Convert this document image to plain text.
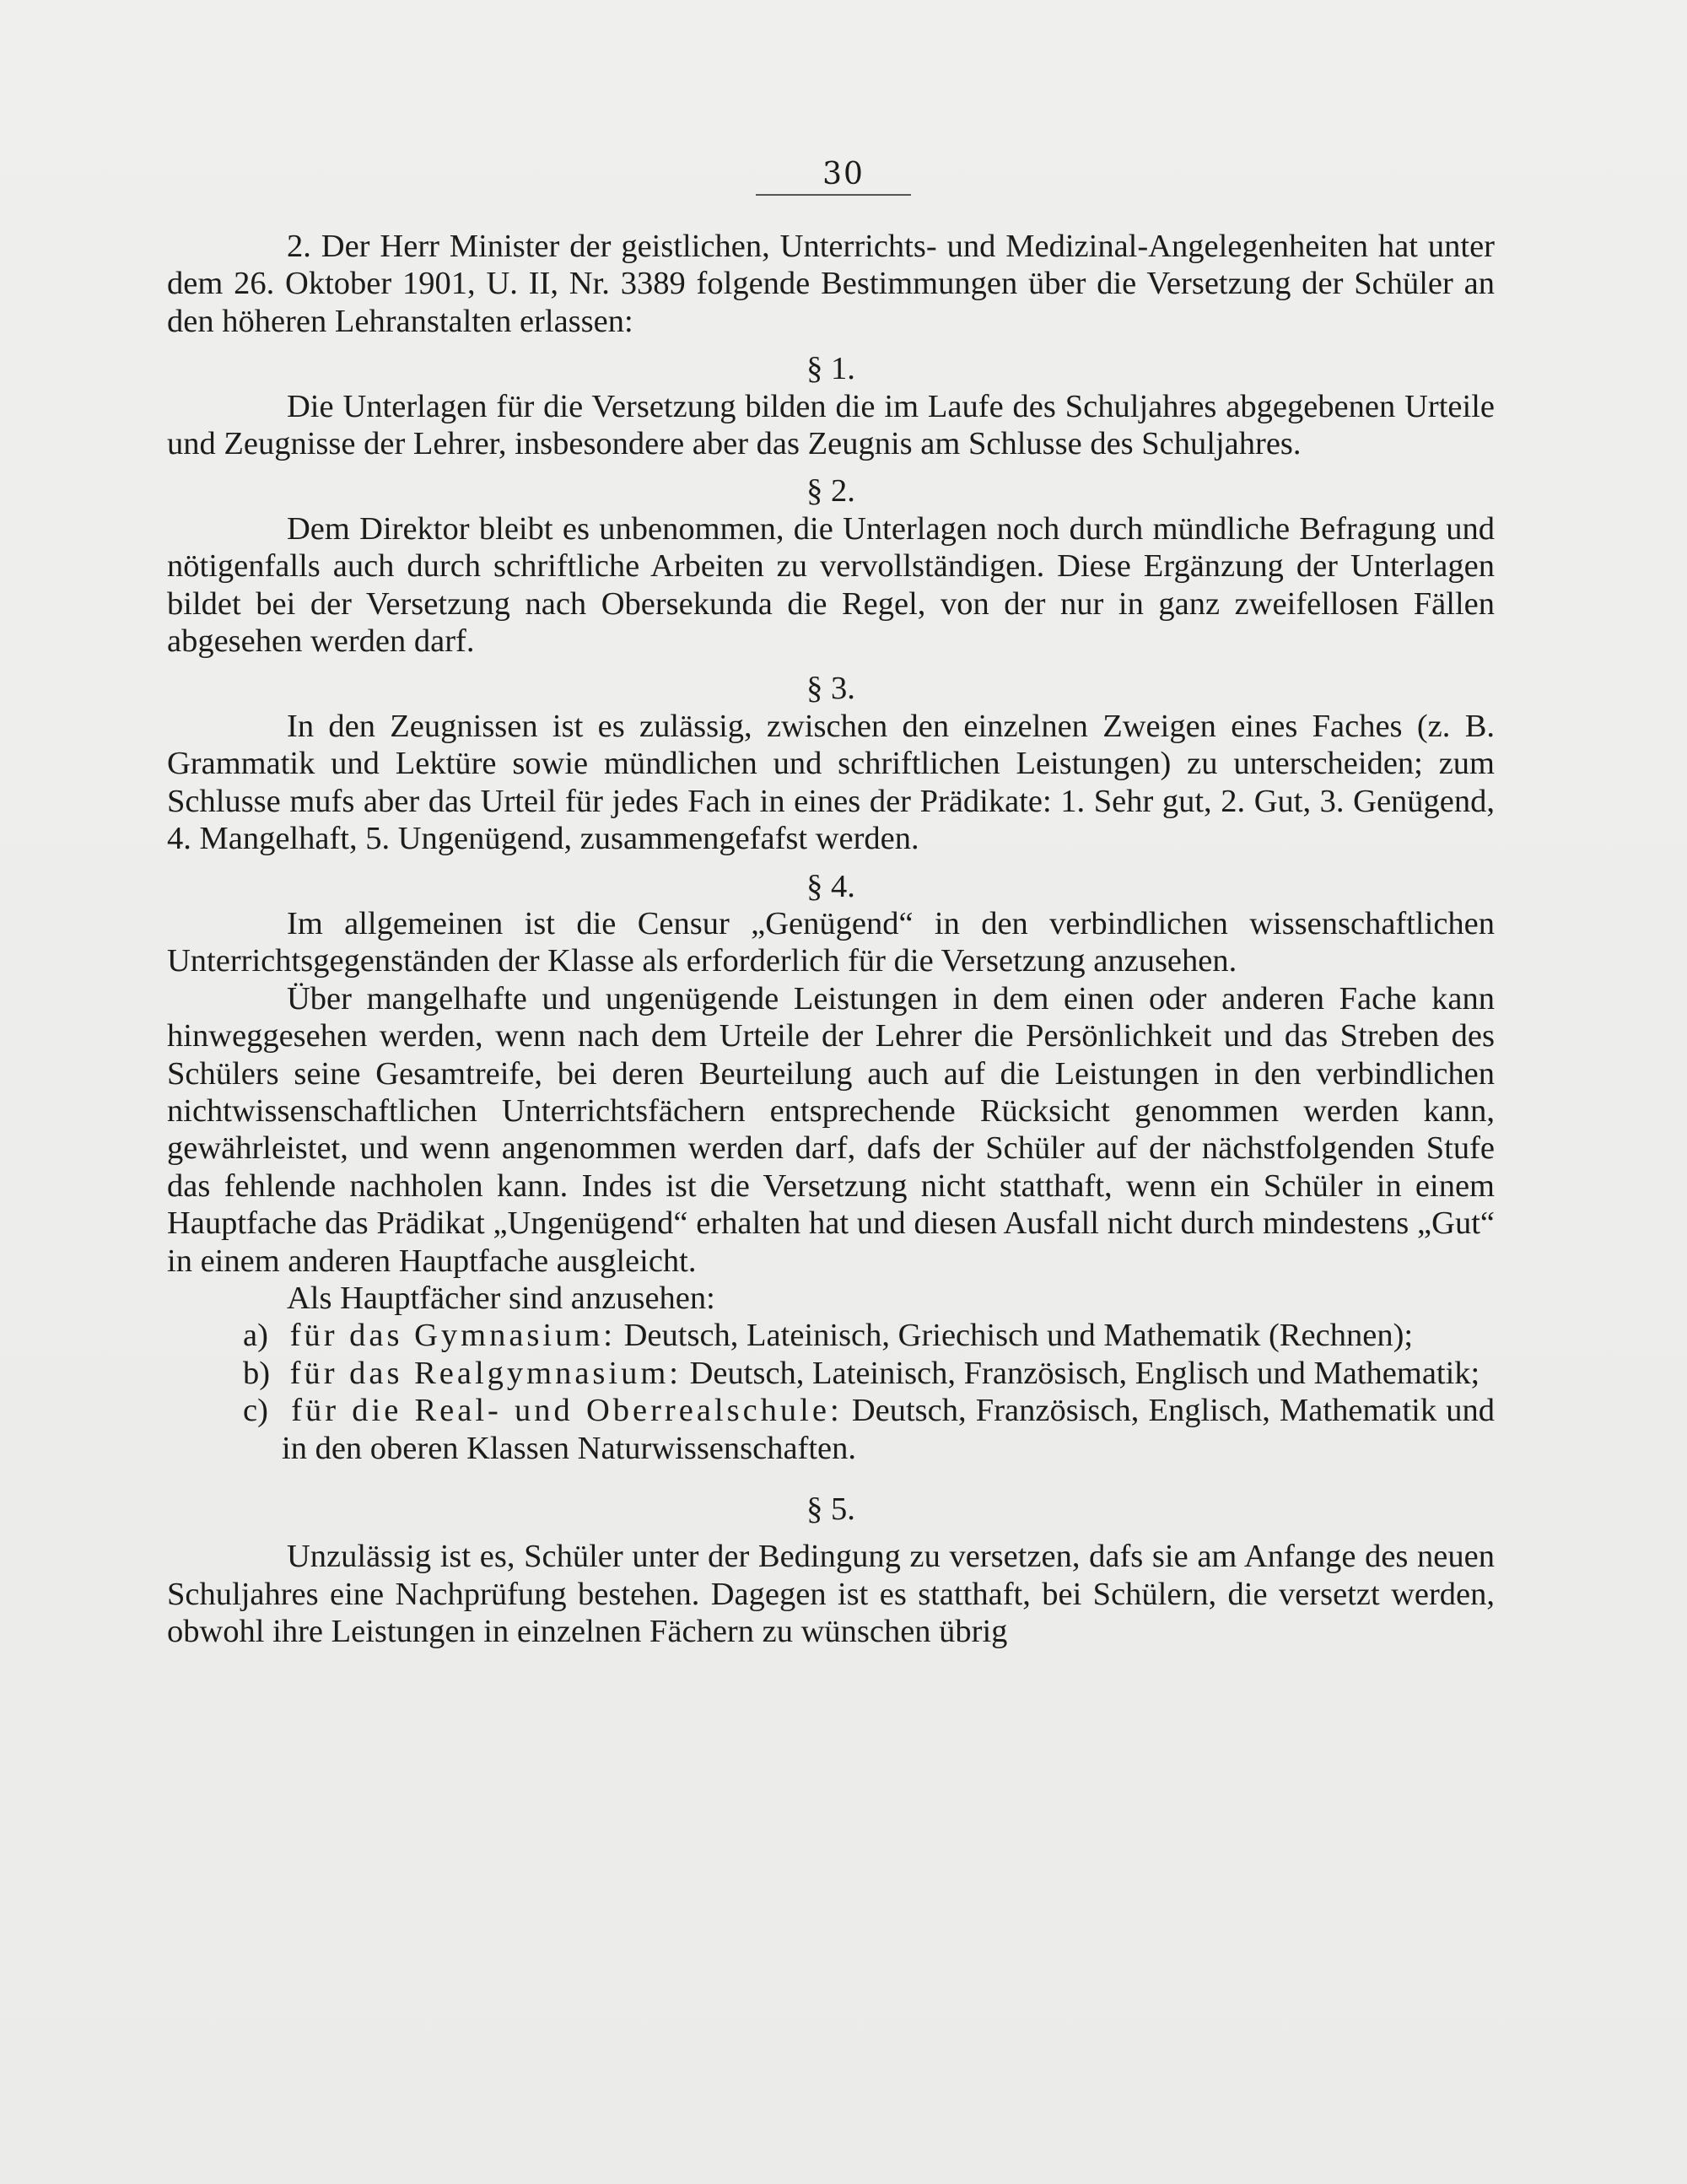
30

2. Der Herr Minister der geistlichen, Unterrichts- und Medizinal-Angelegenheiten hat unter dem 26. Oktober 1901, U. II, Nr. 3389 folgende Bestimmungen über die Versetzung der Schüler an den höheren Lehranstalten erlassen:

§ 1.

Die Unterlagen für die Versetzung bilden die im Laufe des Schuljahres abgegebenen Urteile und Zeugnisse der Lehrer, insbesondere aber das Zeugnis am Schlusse des Schuljahres.

§ 2.

Dem Direktor bleibt es unbenommen, die Unterlagen noch durch mündliche Befragung und nötigenfalls auch durch schriftliche Arbeiten zu vervollständigen. Diese Ergänzung der Unterlagen bildet bei der Versetzung nach Obersekunda die Regel, von der nur in ganz zweifellosen Fällen abgesehen werden darf.

§ 3.

In den Zeugnissen ist es zulässig, zwischen den einzelnen Zweigen eines Faches (z. B. Grammatik und Lektüre sowie mündlichen und schriftlichen Leistungen) zu unterscheiden; zum Schlusse mufs aber das Urteil für jedes Fach in eines der Prädikate: 1. Sehr gut, 2. Gut, 3. Genügend, 4. Mangelhaft, 5. Ungenügend, zusammengefafst werden.

§ 4.

Im allgemeinen ist die Censur „Genügend“ in den verbindlichen wissenschaftlichen Unterrichtsgegenständen der Klasse als erforderlich für die Versetzung anzusehen.

Über mangelhafte und ungenügende Leistungen in dem einen oder anderen Fache kann hinweggesehen werden, wenn nach dem Urteile der Lehrer die Persönlichkeit und das Streben des Schülers seine Gesamtreife, bei deren Beurteilung auch auf die Leistungen in den verbindlichen nichtwissenschaftlichen Unterrichtsfächern entsprechende Rücksicht genommen werden kann, gewährleistet, und wenn angenommen werden darf, dafs der Schüler auf der nächstfolgenden Stufe das fehlende nachholen kann. Indes ist die Versetzung nicht statthaft, wenn ein Schüler in einem Hauptfache das Prädikat „Ungenügend“ erhalten hat und diesen Ausfall nicht durch mindestens „Gut“ in einem anderen Hauptfache ausgleicht.

Als Hauptfächer sind anzusehen:

a) für das Gymnasium: Deutsch, Lateinisch, Griechisch und Mathematik (Rechnen);
b) für das Realgymnasium: Deutsch, Lateinisch, Französisch, Englisch und Mathematik;
c) für die Real- und Oberrealschule: Deutsch, Französisch, Englisch, Mathematik und in den oberen Klassen Naturwissenschaften.

§ 5.

Unzulässig ist es, Schüler unter der Bedingung zu versetzen, dafs sie am Anfange des neuen Schuljahres eine Nachprüfung bestehen. Dagegen ist es statthaft, bei Schülern, die versetzt werden, obwohl ihre Leistungen in einzelnen Fächern zu wünschen übrig
